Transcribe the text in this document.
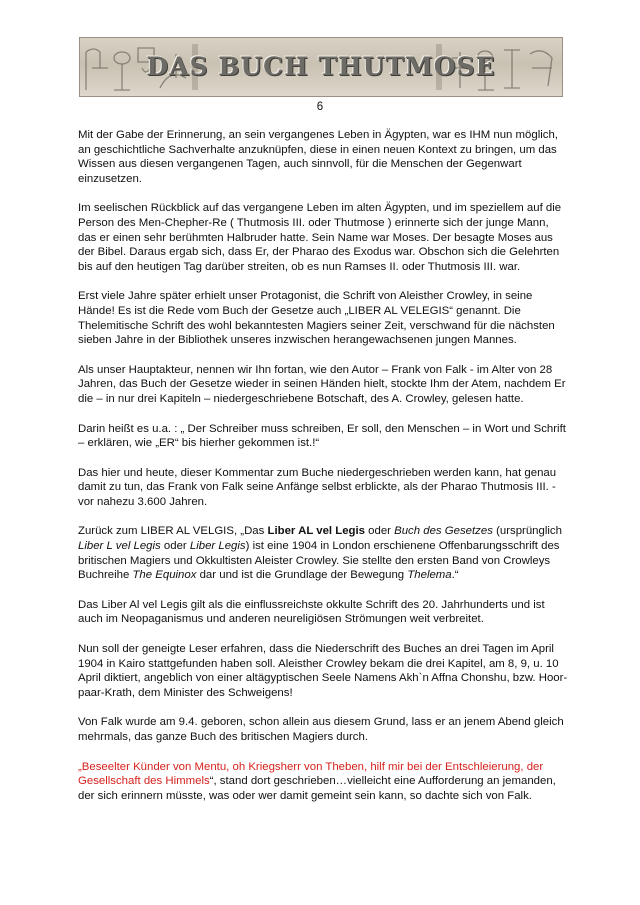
DAS BUCH THUTMOSE
6

Mit der Gabe der Erinnerung, an sein vergangenes Leben in Ägypten, war es IHM nun möglich, an geschichtliche Sachverhalte anzuknüpfen, diese in einen neuen Kontext zu bringen, um das Wissen aus diesen vergangenen Tagen, auch sinnvoll, für die Menschen der Gegenwart einzusetzen.

Im seelischen Rückblick auf das vergangene Leben im alten Ägypten, und im speziellem auf die Person des Men-Chepher-Re ( Thutmosis III. oder Thutmose ) erinnerte sich der junge Mann, das er einen sehr berühmten Halbruder hatte. Sein Name war Moses. Der besagte Moses aus der Bibel. Daraus ergab sich, dass Er, der Pharao des Exodus war. Obschon sich die Gelehrten bis auf den heutigen Tag darüber streiten, ob es nun Ramses II. oder Thutmosis III. war.

Erst viele Jahre später erhielt unser Protagonist, die Schrift von Aleisther Crowley, in seine Hände! Es ist die Rede vom Buch der Gesetze auch „LIBER AL VELEGIS“ genannt. Die Thelemitische Schrift des wohl bekanntesten Magiers seiner Zeit, verschwand für die nächsten sieben Jahre in der Bibliothek unseres inzwischen herangewachsenen jungen Mannes.

Als unser Hauptakteur, nennen wir Ihn fortan, wie den Autor – Frank von Falk - im Alter von 28 Jahren, das Buch der Gesetze wieder in seinen Händen hielt, stockte Ihm der Atem, nachdem Er die – in nur drei Kapiteln – niedergeschriebene Botschaft, des A. Crowley, gelesen hatte.

Darin heißt es u.a. : „ Der Schreiber muss schreiben, Er soll, den Menschen – in Wort und Schrift – erklären, wie „ER“ bis hierher gekommen ist.!“

Das hier und heute, dieser Kommentar zum Buche niedergeschrieben werden kann, hat genau damit zu tun, das Frank von Falk seine Anfänge selbst erblickte, als der Pharao Thutmosis III. - vor nahezu 3.600 Jahren.

Zurück zum LIBER AL VELGIS, „Das Liber AL vel Legis oder Buch des Gesetzes (ursprünglich Liber L vel Legis oder Liber Legis) ist eine 1904 in London erschienene Offenbarungsschrift des britischen Magiers und Okkultisten Aleister Crowley. Sie stellte den ersten Band von Crowleys Buchreihe The Equinox dar und ist die Grundlage der Bewegung Thelema.“

Das Liber Al vel Legis gilt als die einflussreichste okkulte Schrift des 20. Jahrhunderts und ist auch im Neopaganismus und anderen neureligiösen Strömungen weit verbreitet.

Nun soll der geneigte Leser erfahren, dass die Niederschrift des Buches an drei Tagen im April 1904 in Kairo stattgefunden haben soll. Aleisther Crowley bekam die drei Kapitel, am 8, 9, u. 10 April diktiert, angeblich von einer altägyptischen Seele Namens Akh`n Affna Chonshu, bzw. Hoor-paar-Krath, dem Minister des Schweigens!

Von Falk wurde am 9.4. geboren, schon allein aus diesem Grund, lass er an jenem Abend gleich mehrmals, das ganze Buch des britischen Magiers durch.

„Beseelter Künder von Mentu, oh Kriegsherr von Theben, hilf mir bei der Entschleierung, der Gesellschaft des Himmels“, stand dort geschrieben…vielleicht eine Aufforderung an jemanden, der sich erinnern müsste, was oder wer damit gemeint sein kann, so dachte sich von Falk.
